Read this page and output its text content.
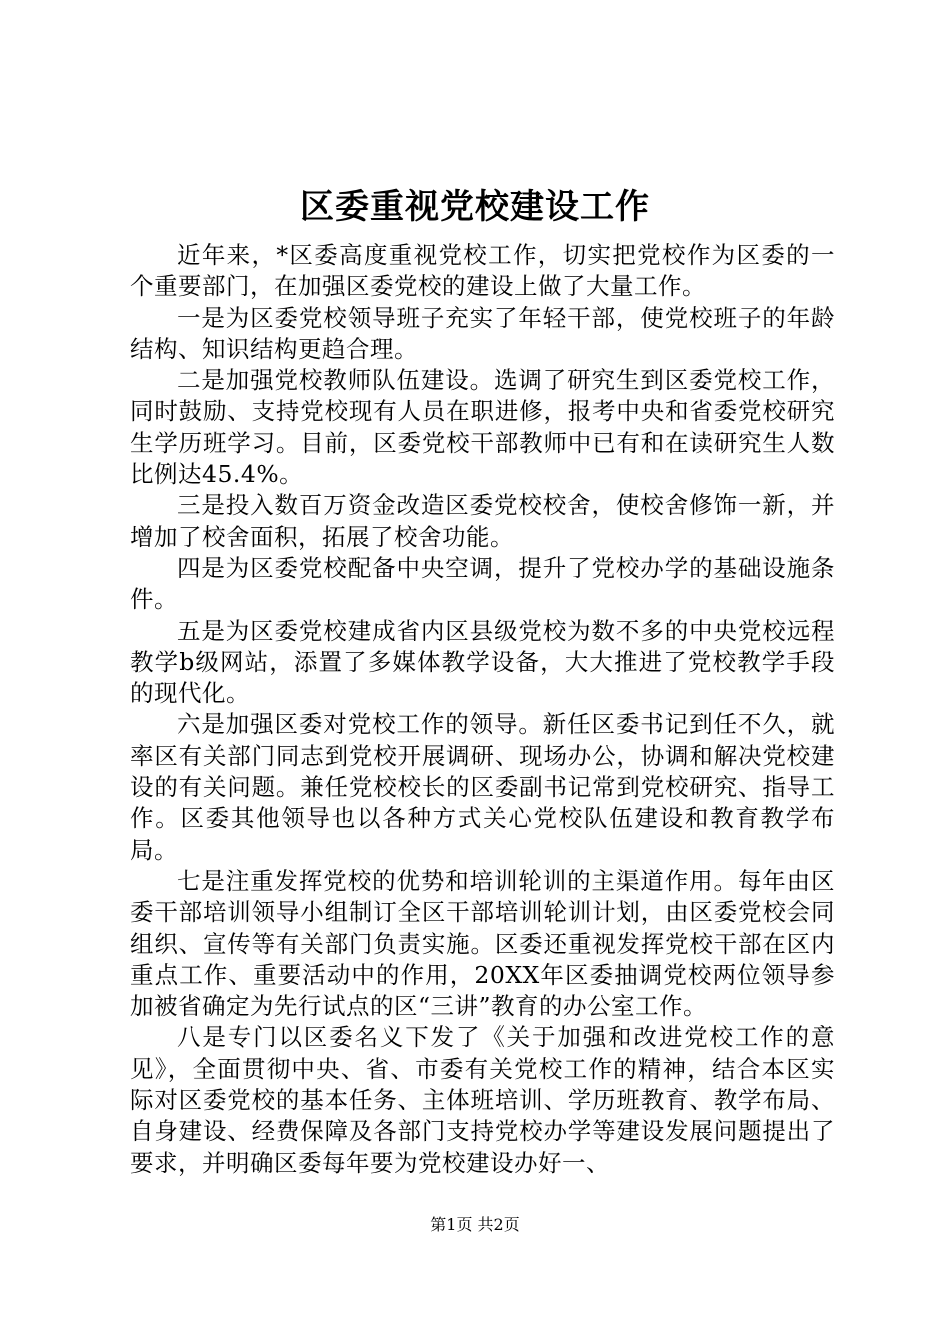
区委重视党校建设工作

近年来，*区委高度重视党校工作，切实把党校作为区委的一个重要部门，在加强区委党校的建设上做了大量工作。

一是为区委党校领导班子充实了年轻干部，使党校班子的年龄结构、知识结构更趋合理。

二是加强党校教师队伍建设。选调了研究生到区委党校工作，同时鼓励、支持党校现有人员在职进修，报考中央和省委党校研究生学历班学习。目前，区委党校干部教师中已有和在读研究生人数比例达45.4%。

三是投入数百万资金改造区委党校校舍，使校舍修饰一新，并增加了校舍面积，拓展了校舍功能。

四是为区委党校配备中央空调，提升了党校办学的基础设施条件。

五是为区委党校建成省内区县级党校为数不多的中央党校远程教学b级网站，添置了多媒体教学设备，大大推进了党校教学手段的现代化。

六是加强区委对党校工作的领导。新任区委书记到任不久，就率区有关部门同志到党校开展调研、现场办公，协调和解决党校建设的有关问题。兼任党校校长的区委副书记常到党校研究、指导工作。区委其他领导也以各种方式关心党校队伍建设和教育教学布局。

七是注重发挥党校的优势和培训轮训的主渠道作用。每年由区委干部培训领导小组制订全区干部培训轮训计划，由区委党校会同组织、宣传等有关部门负责实施。区委还重视发挥党校干部在区内重点工作、重要活动中的作用，20XX年区委抽调党校两位领导参加被省确定为先行试点的区“三讲”教育的办公室工作。

八是专门以区委名义下发了《关于加强和改进党校工作的意见》，全面贯彻中央、省、市委有关党校工作的精神，结合本区实际对区委党校的基本任务、主体班培训、学历班教育、教学布局、自身建设、经费保障及各部门支持党校办学等建设发展问题提出了要求，并明确区委每年要为党校建设办好一、

第1页 共2页
